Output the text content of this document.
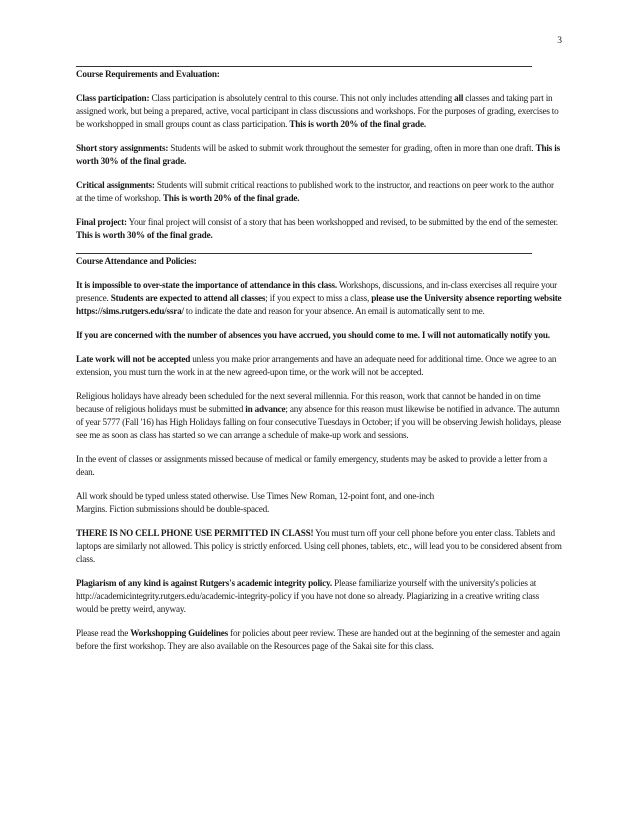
3
Course Requirements and Evaluation:

Class participation: Class participation is absolutely central to this course. This not only includes attending all classes and taking part in assigned work, but being a prepared, active, vocal participant in class discussions and workshops. For the purposes of grading, exercises to be workshopped in small groups count as class participation. This is worth 20% of the final grade.

Short story assignments: Students will be asked to submit work throughout the semester for grading, often in more than one draft. This is worth 30% of the final grade.

Critical assignments: Students will submit critical reactions to published work to the instructor, and reactions on peer work to the author at the time of workshop. This is worth 20% of the final grade.

Final project: Your final project will consist of a story that has been workshopped and revised, to be submitted by the end of the semester. This is worth 30% of the final grade.

Course Attendance and Policies:

It is impossible to over-state the importance of attendance in this class. Workshops, discussions, and in-class exercises all require your presence. Students are expected to attend all classes; if you expect to miss a class, please use the University absence reporting website https://sims.rutgers.edu/ssra/ to indicate the date and reason for your absence. An email is automatically sent to me.

If you are concerned with the number of absences you have accrued, you should come to me. I will not automatically notify you.

Late work will not be accepted unless you make prior arrangements and have an adequate need for additional time. Once we agree to an extension, you must turn the work in at the new agreed-upon time, or the work will not be accepted.

Religious holidays have already been scheduled for the next several millennia. For this reason, work that cannot be handed in on time because of religious holidays must be submitted in advance; any absence for this reason must likewise be notified in advance. The autumn of year 5777 (Fall '16) has High Holidays falling on four consecutive Tuesdays in October; if you will be observing Jewish holidays, please see me as soon as class has started so we can arrange a schedule of make-up work and sessions.

In the event of classes or assignments missed because of medical or family emergency, students may be asked to provide a letter from a dean.

All work should be typed unless stated otherwise. Use Times New Roman, 12-point font, and one-inch
Margins. Fiction submissions should be double-spaced.

THERE IS NO CELL PHONE USE PERMITTED IN CLASS! You must turn off your cell phone before you enter class. Tablets and laptops are similarly not allowed. This policy is strictly enforced. Using cell phones, tablets, etc., will lead you to be considered absent from class.

Plagiarism of any kind is against Rutgers's academic integrity policy. Please familiarize yourself with the university's policies at http://academicintegrity.rutgers.edu/academic-integrity-policy if you have not done so already. Plagiarizing in a creative writing class would be pretty weird, anyway.

Please read the Workshopping Guidelines for policies about peer review. These are handed out at the beginning of the semester and again before the first workshop. They are also available on the Resources page of the Sakai site for this class.
